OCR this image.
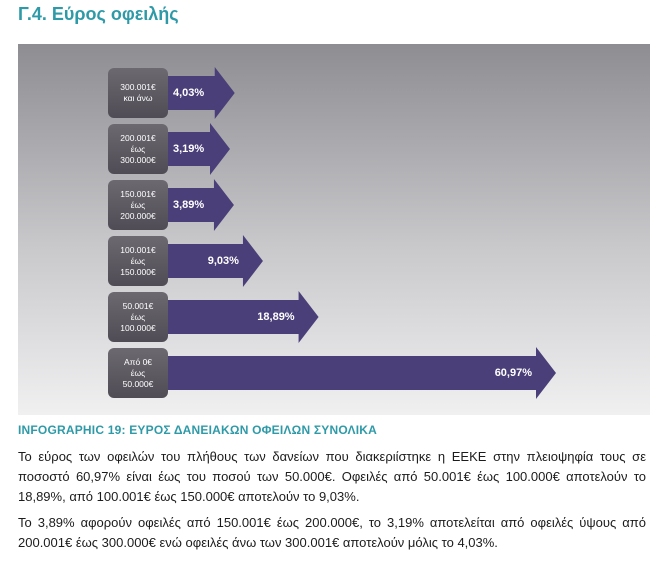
Γ.4. Εύρος οφειλής
300.001€
και άνω 4,03%
200.001€
έως
300.000€
3,19%
150.001€
έως
200.000€
3,89%
100.001€
έως
150.000€
9,03%
50.001€
έως
100.000€
18,89%
Από 0€
έως
50.000€
60,97%
INFOGRAPHIC 19: ΕΥΡΟΣ ΔΑΝΕΙΑΚΩΝ ΟΦΕΙΛΩΝ ΣΥΝΟΛΙΚΑ
Το εύρος των οφειλών του πλήθους των δανείων που διακεριίστηκε η ΕΕΚΕ στην πλειοψηφία τους σε ποσοστό 60,97% είναι έως του ποσού των 50.000€. Οφειλές από 50.001€ έως 100.000€ αποτελούν το 18,89%, από 100.001€ έως 150.000€ αποτελούν το 9,03%.
Το 3,89% αφορούν οφειλές από 150.001€ έως 200.000€, το 3,19% αποτελείται από οφειλές ύψους από 200.001€ έως 300.000€ ενώ οφειλές άνω των 300.001€ αποτελούν μόλις το 4,03%.
